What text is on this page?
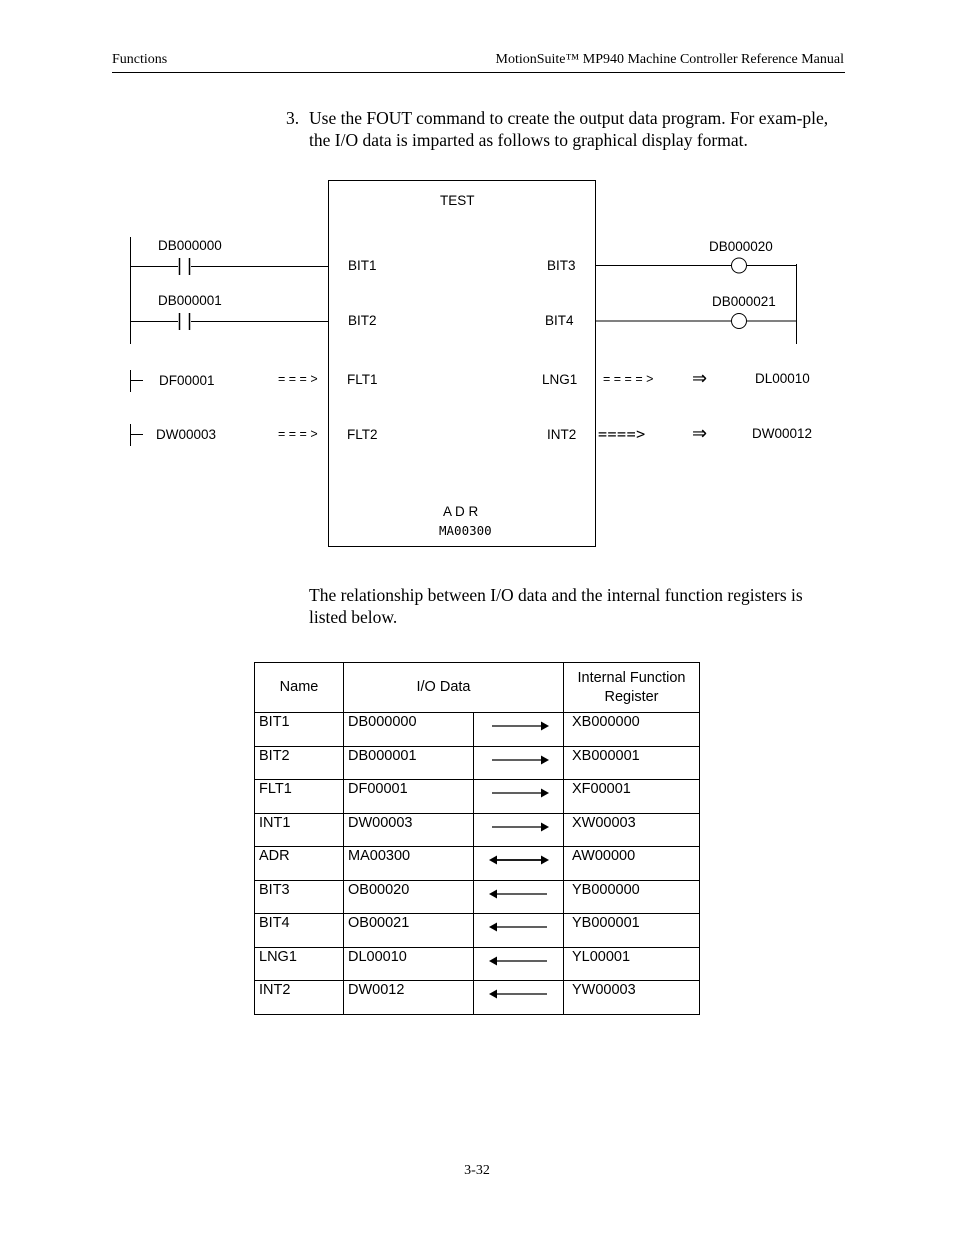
Functions	MotionSuite™ MP940 Machine Controller Reference Manual
3. Use the FOUT command to create the output data program. For exam-ple, the I/O data is imparted as follows to graphical display format.
TEST
DB000000
BIT1
DB000001
BIT2
DF00001	= = = > FLT1
DW00003	= = = > FLT2
BIT3
DB000020
BIT4
DB000021
LNG1 = = = = > ⇒	DL00010
INT2 ====>	⇒	DW00012
A D R
MA00300
The relationship between I/O data and the internal function registers is listed below.
Name	I/O Data		Internal Function Register
BIT1	DB000000		XB000000
BIT2	DB000001		XB000001
FLT1	DF00001		XF00001
INT1	DW00003		XW00003
ADR	MA00300		AW00000
BIT3	OB00020		YB000000
BIT4	OB00021		YB000001
LNG1	DL00010		YL00001
INT2	DW0012		YW00003
3-32
